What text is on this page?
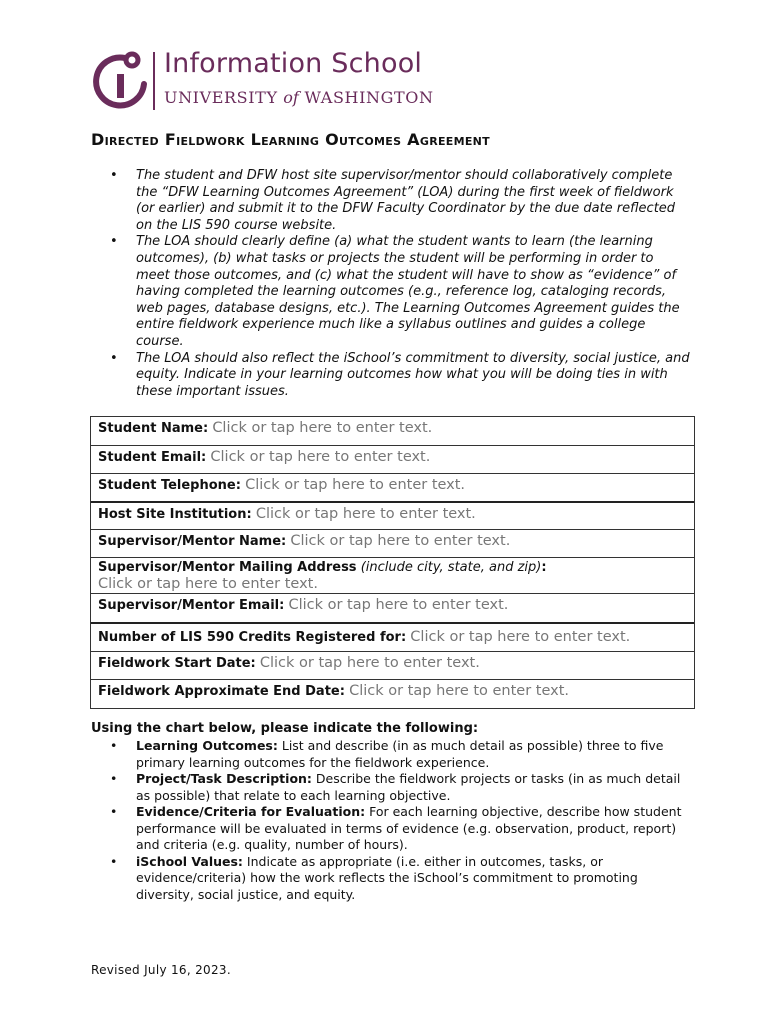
Information School
UNIVERSITY of WASHINGTON
Directed Fieldwork Learning Outcomes Agreement
• The student and DFW host site supervisor/mentor should collaboratively complete the “DFW Learning Outcomes Agreement” (LOA) during the first week of fieldwork (or earlier) and submit it to the DFW Faculty Coordinator by the due date reflected on the LIS 590 course website.
• The LOA should clearly define (a) what the student wants to learn (the learning outcomes), (b) what tasks or projects the student will be performing in order to meet those outcomes, and (c) what the student will have to show as “evidence” of having completed the learning outcomes (e.g., reference log, cataloging records, web pages, database designs, etc.). The Learning Outcomes Agreement guides the entire fieldwork experience much like a syllabus outlines and guides a college course.
• The LOA should also reflect the iSchool’s commitment to diversity, social justice, and equity. Indicate in your learning outcomes how what you will be doing ties in with these important issues.
Student Name: Click or tap here to enter text.
Student Email: Click or tap here to enter text.
Student Telephone: Click or tap here to enter text.
Host Site Institution: Click or tap here to enter text.
Supervisor/Mentor Name: Click or tap here to enter text.
Supervisor/Mentor Mailing Address (include city, state, and zip):
Click or tap here to enter text.
Supervisor/Mentor Email: Click or tap here to enter text.
Number of LIS 590 Credits Registered for: Click or tap here to enter text.
Fieldwork Start Date: Click or tap here to enter text.
Fieldwork Approximate End Date: Click or tap here to enter text.

Using the chart below, please indicate the following:

• Learning Outcomes: List and describe (in as much detail as possible) three to five primary learning outcomes for the fieldwork experience.
• Project/Task Description: Describe the fieldwork projects or tasks (in as much detail as possible) that relate to each learning objective.
• Evidence/Criteria for Evaluation: For each learning objective, describe how student performance will be evaluated in terms of evidence (e.g. observation, product, report) and criteria (e.g. quality, number of hours).
• iSchool Values: Indicate as appropriate (i.e. either in outcomes, tasks, or evidence/criteria) how the work reflects the iSchool’s commitment to promoting diversity, social justice, and equity.
Revised July 16, 2023.
